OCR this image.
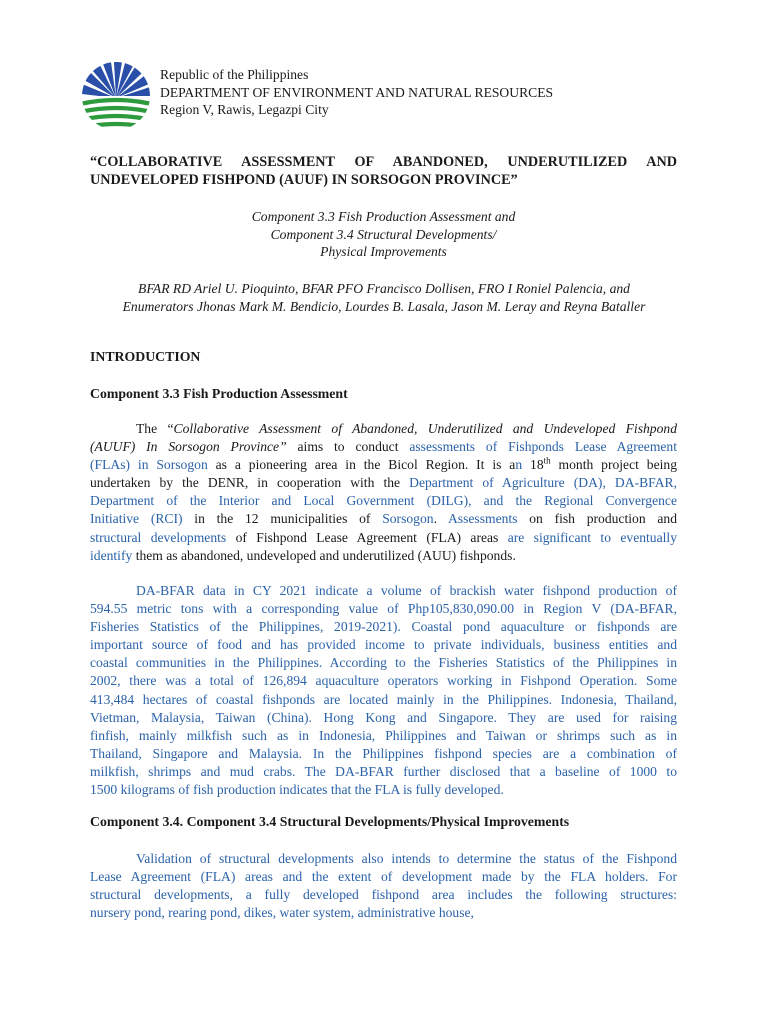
Republic of the Philippines
DEPARTMENT OF ENVIRONMENT AND NATURAL RESOURCES
Region V, Rawis, Legazpi City
“COLLABORATIVE ASSESSMENT OF ABANDONED, UNDERUTILIZED AND UNDEVELOPED FISHPOND (AUUF) IN SORSOGON PROVINCE”
Component 3.3 Fish Production Assessment and
Component 3.4 Structural Developments/
Physical Improvements
BFAR RD Ariel U. Pioquinto, BFAR PFO Francisco Dollisen, FRO I Roniel Palencia, and
Enumerators Jhonas Mark M. Bendicio, Lourdes B. Lasala, Jason M. Leray and Reyna Bataller
INTRODUCTION
Component 3.3 Fish Production Assessment
The “Collaborative Assessment of Abandoned, Underutilized and Undeveloped Fishpond
(AUUF) In Sorsogon Province” aims to conduct assessments of Fishponds Lease Agreement
(FLAs) in Sorsogon as a pioneering area in the Bicol Region. It is an 18th month project being
undertaken by the DENR, in cooperation with the Department of Agriculture (DA), DA-BFAR,
Department of the Interior and Local Government (DILG), and the Regional Convergence
Initiative (RCI) in the 12 municipalities of Sorsogon. Assessments on fish production and
structural developments of Fishpond Lease Agreement (FLA) areas are significant to eventually
identify them as abandoned, undeveloped and underutilized (AUU) fishponds.
DA-BFAR data in CY 2021 indicate a volume of brackish water fishpond production of
594.55 metric tons with a corresponding value of Php105,830,090.00 in Region V (DA-BFAR,
Fisheries Statistics of the Philippines, 2019-2021). Coastal pond aquaculture or fishponds are
important source of food and has provided income to private individuals, business entities and
coastal communities in the Philippines. According to the Fisheries Statistics of the Philippines in
2002, there was a total of 126,894 aquaculture operators working in Fishpond Operation. Some
413,484 hectares of coastal fishponds are located mainly in the Philippines. Indonesia, Thailand,
Vietman, Malaysia, Taiwan (China). Hong Kong and Singapore. They are used for raising
finfish, mainly milkfish such as in Indonesia, Philippines and Taiwan or shrimps such as in
Thailand, Singapore and Malaysia. In the Philippines fishpond species are a combination of
milkfish, shrimps and mud crabs. The DA-BFAR further disclosed that a baseline of 1000 to
1500 kilograms of fish production indicates that the FLA is fully developed.
Component 3.4. Component 3.4 Structural Developments/Physical Improvements
Validation of structural developments also intends to determine the status of the Fishpond
Lease Agreement (FLA) areas and the extent of development made by the FLA holders. For
structural developments, a fully developed fishpond area includes the following structures:
nursery pond, rearing pond, dikes, water system, administrative house,
